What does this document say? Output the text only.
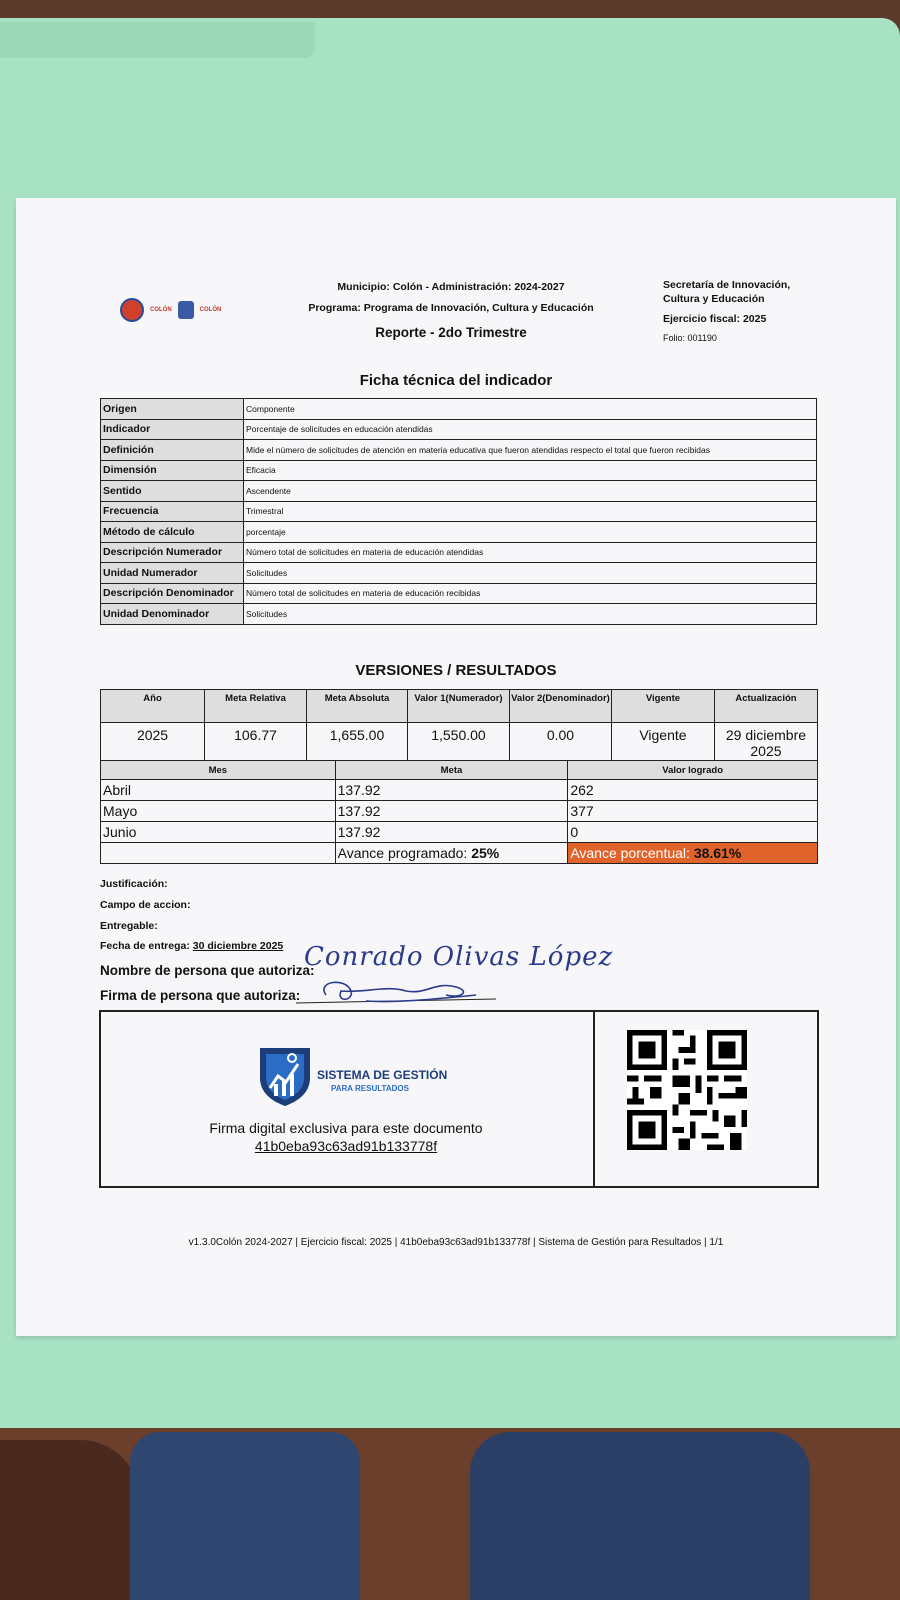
COLÓN	COLÓN
Municipio: Colón - Administración: 2024-2027
Programa: Programa de Innovación, Cultura y Educación
Reporte - 2do Trimestre
Secretaría de Innovación,
Cultura y Educación
Ejercicio fiscal: 2025
Folio: 001190
Ficha técnica del indicador
Origen	Componente
Indicador	Porcentaje de solicitudes en educación atendidas
Definición	Mide el número de solicitudes de atención en materia educativa que fueron atendidas respecto el total que fueron recibidas
Dimensión	Eficacia
Sentido	Ascendente
Frecuencia	Trimestral
Método de cálculo	porcentaje
Descripción Numerador	Número total de solicitudes en materia de educación atendidas
Unidad Numerador	Solicitudes
Descripción Denominador	Número total de solicitudes en materia de educación recibidas
Unidad Denominador	Solicitudes
VERSIONES / RESULTADOS
Año	Meta Relativa	Meta Absoluta	Valor 1(Numerador)	Valor 2(Denominador)	Vigente	Actualización
2025	106.77	1,655.00	1,550.00	0.00	Vigente	29 diciembre 2025
Mes	Meta	Valor logrado
Abril	137.92	262
Mayo	137.92	377
Junio	137.92	0
	Avance programado: 25%	Avance porcentual: 38.61%
Justificación:
Campo de accion:
Entregable:
Fecha de entrega: 30 diciembre 2025
Nombre de persona que autoriza:
Conrado Olivas López
Firma de persona que autoriza:
SISTEMA DE GESTIÓN
PARA RESULTADOS
Firma digital exclusiva para este documento
41b0eba93c63ad91b133778f
v1.3.0Colón 2024-2027 | Ejercicio fiscal: 2025 | 41b0eba93c63ad91b133778f | Sistema de Gestión para Resultados | 1/1
